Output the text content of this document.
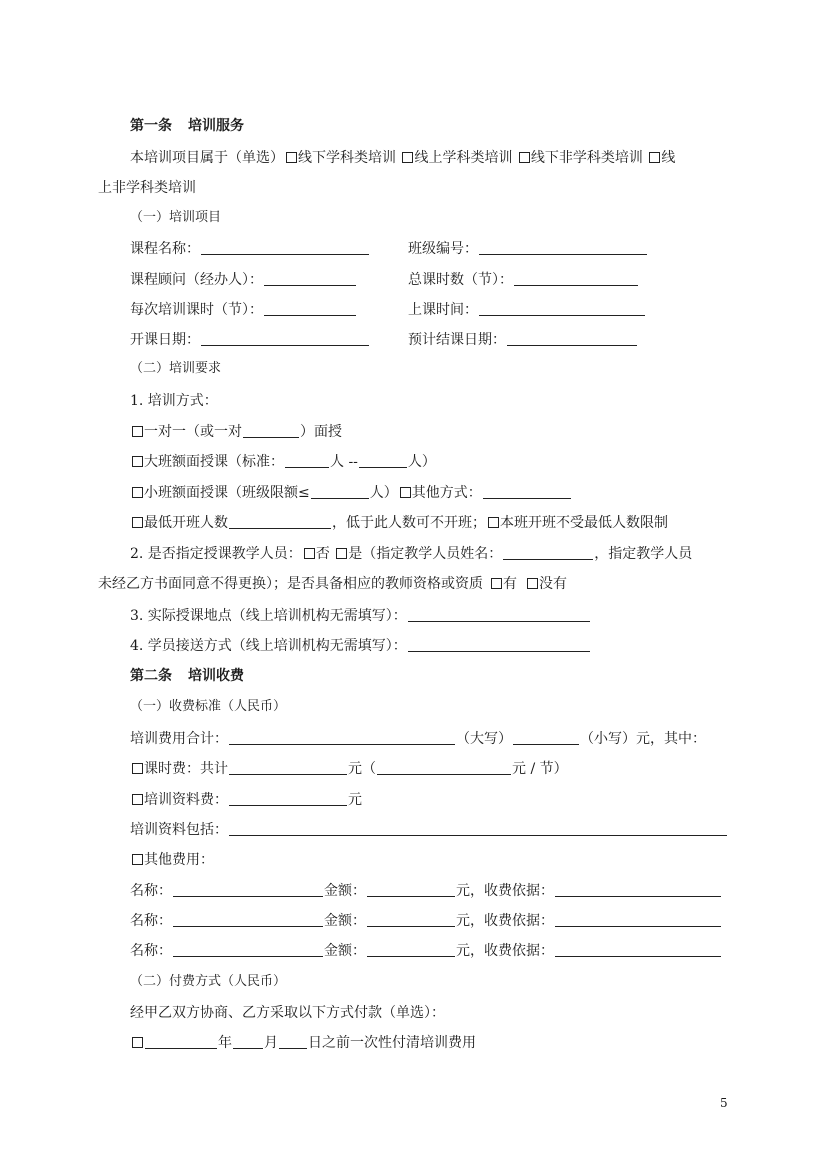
第一条 培训服务
本培训项目属于（单选） 线下学科类培训 线上学科类培训 线下非学科类培训 线
上非学科类培训
（一）培训项目
课程名称：	班级编号：
课程顾问（经办人）：	总课时数（节）：
每次培训课时（节）：	上课时间：
开课日期：	预计结课日期：
（二）培训要求
1. 培训方式：
一对一（或一对	）面授
大班额面授课（标准：	人 --	人）
小班额面授课（班级限额≤	人） 其他方式：
最低开班人数	，低于此人数可不开班； 本班开班不受最低人数限制
2. 是否指定授课教学人员： 否 是（指定教学人员姓名：	，指定教学人员
未经乙方书面同意不得更换）；是否具备相应的教师资格或资质 有 没有
3. 实际授课地点（线上培训机构无需填写）：
4. 学员接送方式（线上培训机构无需填写）：
第二条 培训收费
（一）收费标准（人民币）
培训费用合计：	（大写）	（小写）元，其中：
课时费：共计	元（	元 / 节）
培训资料费：	元
培训资料包括：
其他费用：
名称：	金额：	元，收费依据：
名称：	金额：	元，收费依据：
名称：	金额：	元，收费依据：
（二）付费方式（人民币）
经甲乙双方协商、乙方采取以下方式付款（单选）：
年 月 日之前一次性付清培训费用
5
